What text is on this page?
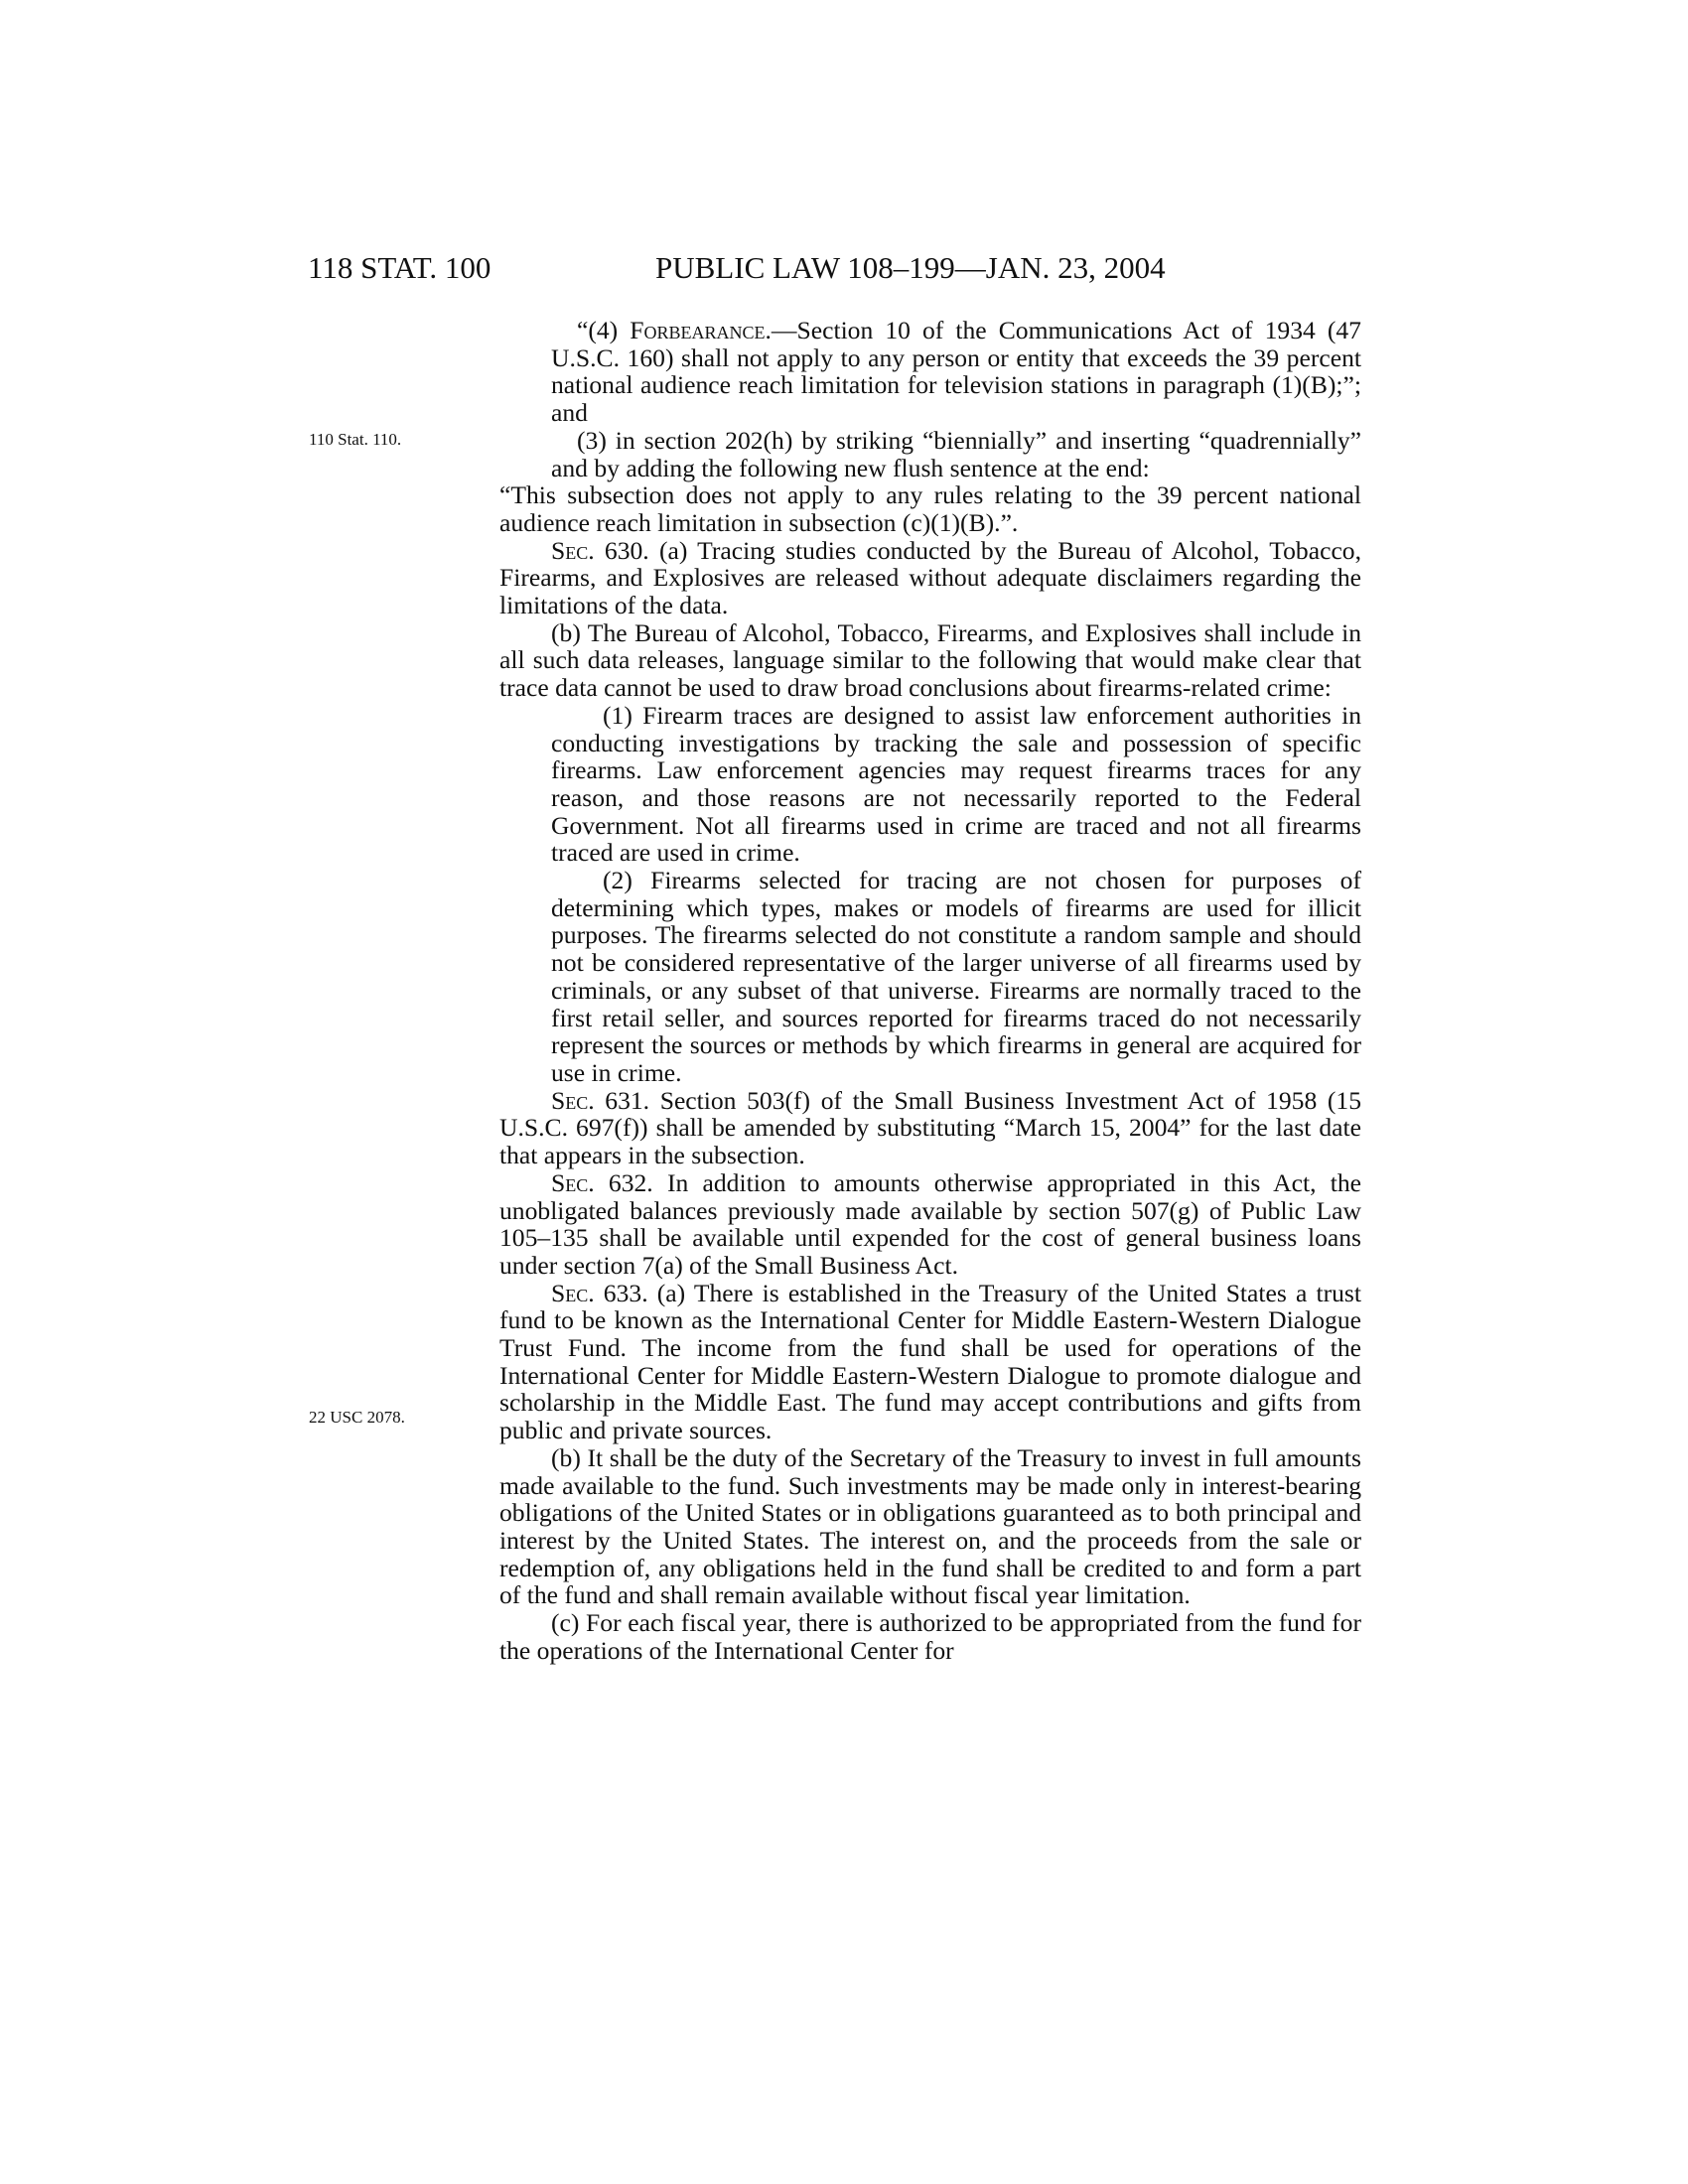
118 STAT. 100	PUBLIC LAW 108–199—JAN. 23, 2004
110 Stat. 110.
22 USC 2078.

“(4) Forbearance.—Section 10 of the Communications Act of 1934 (47 U.S.C. 160) shall not apply to any person or entity that exceeds the 39 percent national audience reach limitation for television stations in paragraph (1)(B);”; and

(3) in section 202(h) by striking “biennially” and inserting “quadrennially” and by adding the following new flush sentence at the end:

“This subsection does not apply to any rules relating to the 39 percent national audience reach limitation in subsection (c)(1)(B).”.

Sec. 630. (a) Tracing studies conducted by the Bureau of Alcohol, Tobacco, Firearms, and Explosives are released without adequate disclaimers regarding the limitations of the data.

(b) The Bureau of Alcohol, Tobacco, Firearms, and Explosives shall include in all such data releases, language similar to the following that would make clear that trace data cannot be used to draw broad conclusions about firearms-related crime:

(1) Firearm traces are designed to assist law enforcement authorities in conducting investigations by tracking the sale and possession of specific firearms. Law enforcement agencies may request firearms traces for any reason, and those reasons are not necessarily reported to the Federal Government. Not all firearms used in crime are traced and not all firearms traced are used in crime.

(2) Firearms selected for tracing are not chosen for purposes of determining which types, makes or models of firearms are used for illicit purposes. The firearms selected do not constitute a random sample and should not be considered representative of the larger universe of all firearms used by criminals, or any subset of that universe. Firearms are normally traced to the first retail seller, and sources reported for firearms traced do not necessarily represent the sources or methods by which firearms in general are acquired for use in crime.

Sec. 631. Section 503(f) of the Small Business Investment Act of 1958 (15 U.S.C. 697(f)) shall be amended by substituting “March 15, 2004” for the last date that appears in the subsection.

Sec. 632. In addition to amounts otherwise appropriated in this Act, the unobligated balances previously made available by section 507(g) of Public Law 105–135 shall be available until expended for the cost of general business loans under section 7(a) of the Small Business Act.

Sec. 633. (a) There is established in the Treasury of the United States a trust fund to be known as the International Center for Middle Eastern-Western Dialogue Trust Fund. The income from the fund shall be used for operations of the International Center for Middle Eastern-Western Dialogue to promote dialogue and scholarship in the Middle East. The fund may accept contributions and gifts from public and private sources.

(b) It shall be the duty of the Secretary of the Treasury to invest in full amounts made available to the fund. Such investments may be made only in interest-bearing obligations of the United States or in obligations guaranteed as to both principal and interest by the United States. The interest on, and the proceeds from the sale or redemption of, any obligations held in the fund shall be credited to and form a part of the fund and shall remain available without fiscal year limitation.

(c) For each fiscal year, there is authorized to be appropriated from the fund for the operations of the International Center for
